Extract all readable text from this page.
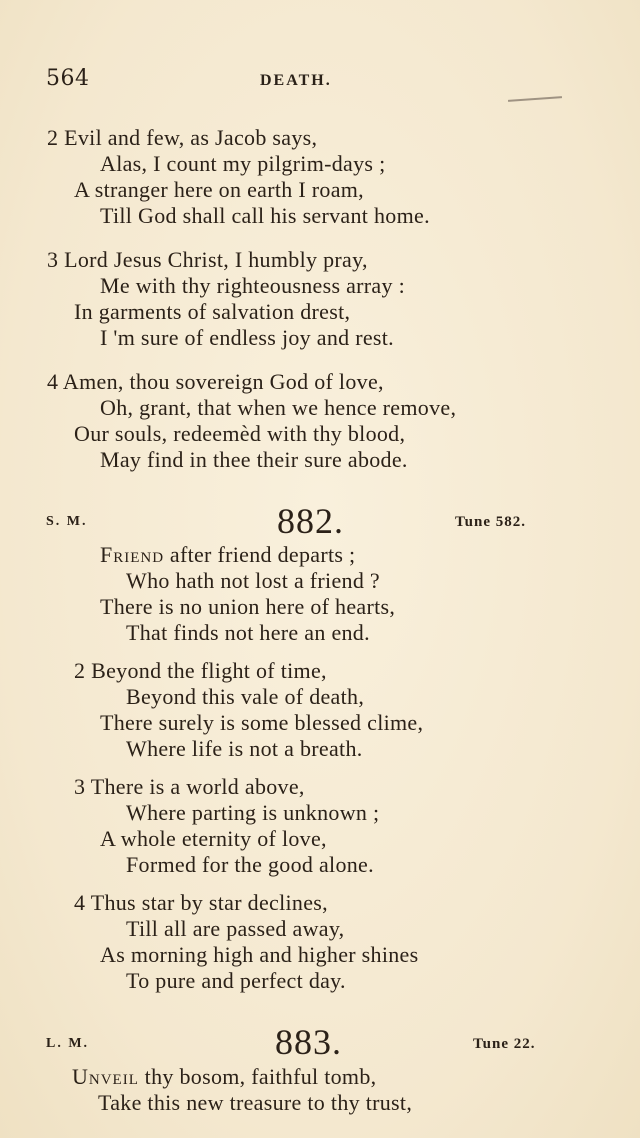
564	DEATH.
2 Evil and few, as Jacob says,
Alas, I count my pilgrim-days ;
A stranger here on earth I roam,
Till God shall call his servant home.
3 Lord Jesus Christ, I humbly pray,
Me with thy righteousness array :
In garments of salvation drest,
I 'm sure of endless joy and rest.
4 Amen, thou sovereign God of love,
Oh, grant, that when we hence remove,
Our souls, redeemèd with thy blood,
May find in thee their sure abode.
S. M.	882.	Tune 582.
Friend after friend departs ;
Who hath not lost a friend ?
There is no union here of hearts,
That finds not here an end.
2 Beyond the flight of time,
Beyond this vale of death,
There surely is some blessed clime,
Where life is not a breath.
3 There is a world above,
Where parting is unknown ;
A whole eternity of love,
Formed for the good alone.
4 Thus star by star declines,
Till all are passed away,
As morning high and higher shines
To pure and perfect day.
L. M.	883.	Tune 22.
Unveil thy bosom, faithful tomb,
Take this new treasure to thy trust,
